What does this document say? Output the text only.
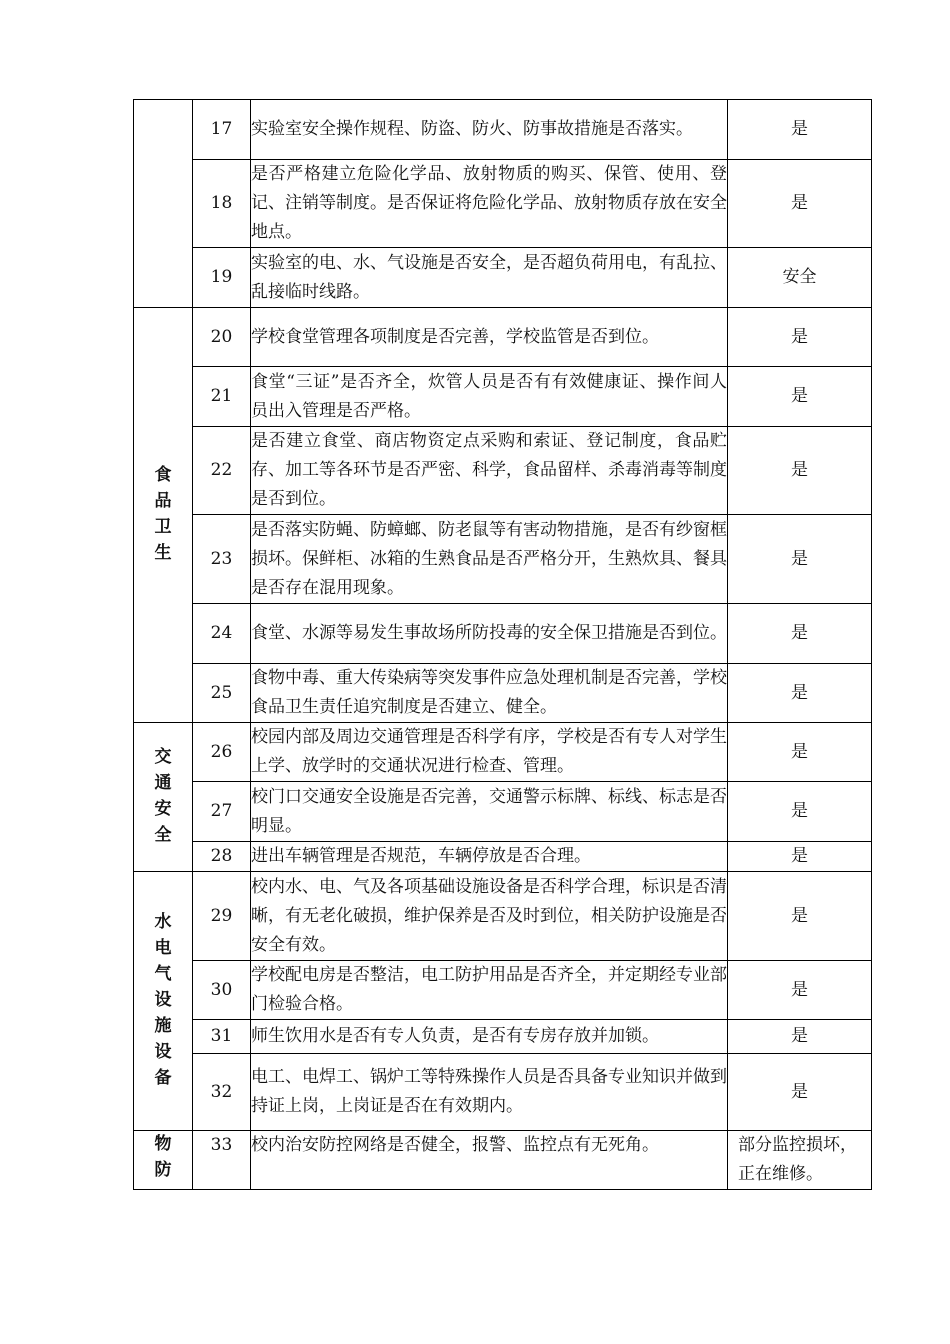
	17	实验室安全操作规程、防盗、防火、防事故措施是否落实。	是
	18	是否严格建立危险化学品、放射物质的购买、保管、使用、登记、注销等制度。是否保证将危险化学品、放射物质存放在安全地点。	是
	19	实验室的电、水、气设施是否安全，是否超负荷用电，有乱拉、乱接临时线路。	安全
食品卫生	20	学校食堂管理各项制度是否完善，学校监管是否到位。	是
	21	食堂“三证”是否齐全，炊管人员是否有有效健康证、操作间人员出入管理是否严格。	是
	22	是否建立食堂、商店物资定点采购和索证、登记制度，食品贮存、加工等各环节是否严密、科学，食品留样、杀毒消毒等制度是否到位。	是
	23	是否落实防蝇、防蟑螂、防老鼠等有害动物措施，是否有纱窗框损坏。保鲜柜、冰箱的生熟食品是否严格分开，生熟炊具、餐具是否存在混用现象。	是
	24	食堂、水源等易发生事故场所防投毒的安全保卫措施是否到位。	是
	25	食物中毒、重大传染病等突发事件应急处理机制是否完善，学校食品卫生责任追究制度是否建立、健全。	是
交通安全	26	校园内部及周边交通管理是否科学有序，学校是否有专人对学生上学、放学时的交通状况进行检查、管理。	是
	27	校门口交通安全设施是否完善，交通警示标牌、标线、标志是否明显。	是
	28	进出车辆管理是否规范，车辆停放是否合理。	是
水电气设施设备	29	校内水、电、气及各项基础设施设备是否科学合理，标识是否清晰，有无老化破损，维护保养是否及时到位，相关防护设施是否安全有效。	是
	30	学校配电房是否整洁，电工防护用品是否齐全，并定期经专业部门检验合格。	是
	31	师生饮用水是否有专人负责，是否有专房存放并加锁。	是
	32	电工、电焊工、锅炉工等特殊操作人员是否具备专业知识并做到持证上岗，上岗证是否在有效期内。	是
物防	33	校内治安防控网络是否健全，报警、监控点有无死角。	部分监控损坏，正在维修。
